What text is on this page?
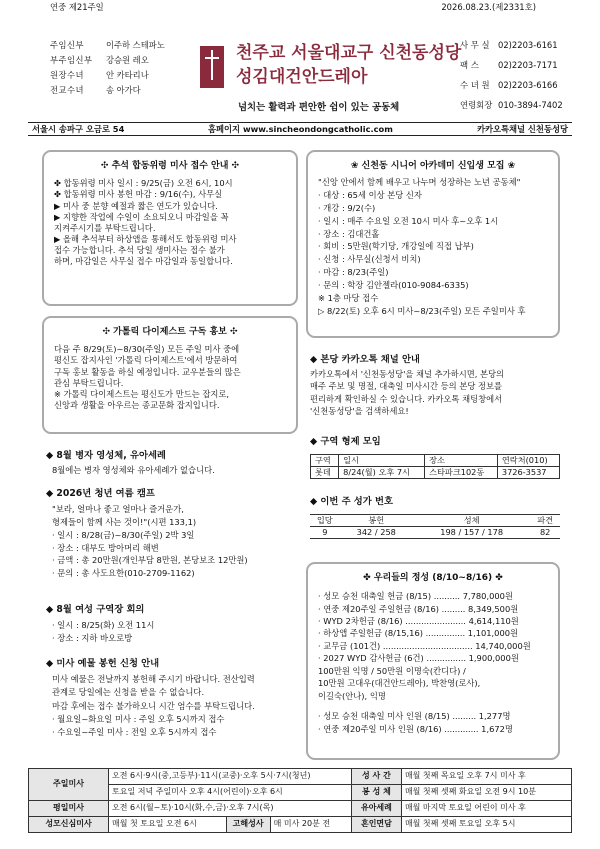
연중 제21주일	2026.08.23.(제2331호)
주임신부	이주하 스테파노
부주임신부 강승원 레오
원장수녀	안 카타리나
전교수녀	송 아가다
천주교 서울대교구 신천동성당
성김대건안드레아
넘치는 활력과 편안한 쉼이 있는 공동체
사 무 실 02)2203-6161
팩 스 02)2203-7171
수 녀 원 02)2203-6166
연령회장 010-3894-7402
서울시 송파구 오금로 54	홈페이지 www.sincheondongcatholic.com	카카오톡채널 신천동성당
✣ 추석 합동위령 미사 접수 안내 ✣

✤ 합동위령 미사 일시 : 9/25(금) 오전 6시, 10시

✤ 합동위령 미사 봉헌 마감 : 9/16(수), 사무실

▶ 미사 중 분향 예절과 짧은 연도가 있습니다.

▶ 지향한 작업에 수일이 소요되오니 마감일을 꼭

지켜주시기를 부탁드립니다.

▶ 올해 추석부터 하상앱을 통해서도 합동위령 미사

접수 가능합니다. 추석 당일 생미사는 접수 불가

하며, 마감일은 사무실 접수 마감일과 동일합니다.

✣ 가톨릭 다이제스트 구독 홍보 ✣

다음 주 8/29(토)~8/30(주일) 모든 주일 미사 중에

평신도 잡지사인 '가톨릭 다이제스트'에서 방문하여

구독 홍보 활동을 하실 예정입니다. 교우분들의 많은

관심 부탁드립니다.

※ 가톨릭 다이제스트는 평신도가 만드는 잡지로,

신앙과 생활을 아우르는 종교문화 잡지입니다.

❀ 신천동 시니어 아카데미 신입생 모집 ❀

"신앙 안에서 함께 배우고 나누며 성장하는 노년 공동체"

· 대상 : 65세 이상 본당 신자

· 개강 : 9/2(수)

· 일시 : 매주 수요일 오전 10시 미사 후~오후 1시

· 장소 : 김대건홀

· 회비 : 5만원(학기당, 개강일에 직접 납부)

· 신청 : 사무실(신청서 비치)

· 마감 : 8/23(주일)

· 문의 : 학장 김안젤라(010-9084-6335)

※ 1층 마당 접수

▷ 8/22(토) 오후 6시 미사~8/23(주일) 모든 주일미사 후

◆ 본당 카카오톡 채널 안내
카카오톡에서 '신천동성당'을 채널 추가하시면, 본당의
매주 주보 및 명절, 대축일 미사시간 등의 본당 정보를
편리하게 확인하실 수 있습니다. 카카오톡 채팅창에서
'신천동성당'을 검색하세요!
◆ 구역 형제 모임
구역	일시	장소	연락처(010)
롯데	8/24(월) 오후 7시	스타파크102동	3726-3537
◆ 이번 주 성가 번호
입당	봉헌	성체	파견
9	342 / 258	198 / 157 / 178	82
✤ 우리들의 정성 (8/10~8/16) ✤

· 성모 승천 대축일 헌금 (8/15) .......... 7,780,000원

· 연중 제20주일 주일헌금 (8/16) ......... 8,349,500원

· WYD 2차헌금 (8/16) ....................... 4,614,110원

· 하상앱 주일헌금 (8/15,16) ............... 1,101,000원

· 교무금 (101건) .................................. 14,740,000원

· 2027 WYD 감사헌금 (6건) ............... 1,900,000원

100만원 익명 / 50만원 이명숙(칸디다) /

10만원 고대우(대건안드레아), 박찬영(로사),

이길숙(안나), 익명

· 성모 승천 대축일 미사 인원 (8/15) ......... 1,277명

· 연중 제20주일 미사 인원 (8/16) ............. 1,672명

◆ 8월 병자 영성체, 유아세례
8월에는 병자 영성체와 유아세례가 없습니다.
◆ 2026년 청년 여름 캠프
"보라, 얼마나 좋고 얼마나 즐거운가,
형제들이 함께 사는 것이!"(시편 133,1)
· 일시 : 8/28(금)~8/30(주일) 2박 3일
· 장소 : 대부도 방아머리 해변
· 금액 : 총 20만원(개인부담 8만원, 본당보조 12만원)
· 문의 : 총 사도요한(010-2709-1162)
◆ 8월 여성 구역장 회의
· 일시 : 8/25(화) 오전 11시
· 장소 : 지하 바오로방
◆ 미사 예물 봉헌 신청 안내
미사 예물은 전날까지 봉헌해 주시기 바랍니다. 전산입력
관계로 당일에는 신청을 받을 수 없습니다.
마감 후에는 접수 불가하오니 시간 엄수를 부탁드립니다.
· 월요일~화요일 미사 : 주일 오후 5시까지 접수
· 수요일~주일 미사 : 전일 오후 5시까지 접수
주일미사	오전 6시·9시(중,고등부)·11시(교중)·오후 5시·7시(청년)			성 사 간	매월 첫째 목요일 오후 7시 미사 후
	토요일 저녁 주일미사 오후 4시(어린이)·오후 6시			봉 성 체	매월 첫째 셋째 화요일 오전 9시 10분
평일미사	오전 6시(월~토)·10시(화,수,금)·오후 7시(목)			유아세례	매월 마지막 토요일 어린이 미사 후
성모신심미사	매월 첫 토요일 오전 6시	고해성사	매 미사 20분 전	혼인면담	매월 첫째 셋째 토요일 오후 5시
